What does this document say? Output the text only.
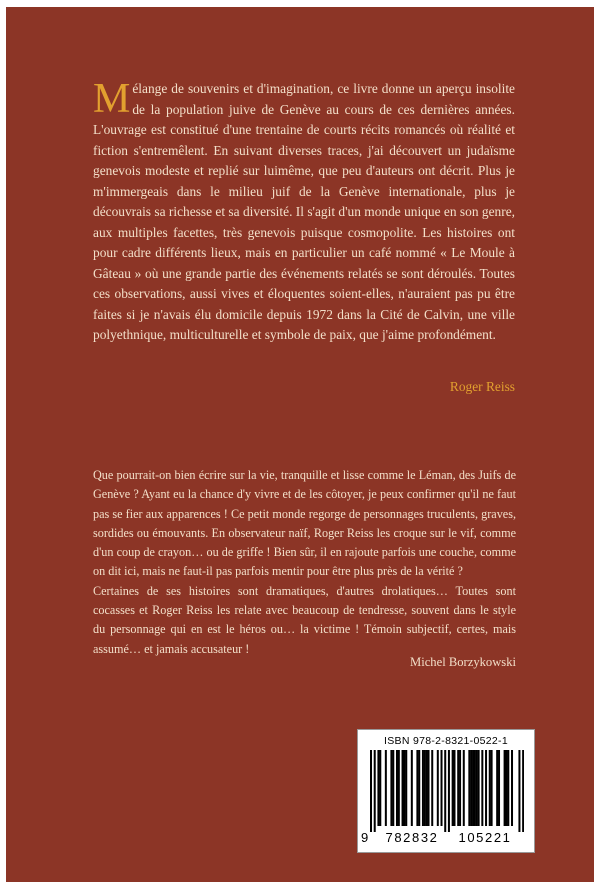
Mélange de souvenirs et d'imagination, ce livre donne un aperçu insolite de la population juive de Genève au cours de ces dernières années. L'ouvrage est constitué d'une trentaine de courts récits romancés où réalité et fiction s'entremêlent. En suivant diverses traces, j'ai découvert un judaïsme genevois modeste et replié sur luimême, que peu d'auteurs ont décrit. Plus je m'immergeais dans le milieu juif de la Genève internationale, plus je découvrais sa richesse et sa diversité. Il s'agit d'un monde unique en son genre, aux multiples facettes, très genevois puisque cosmopolite. Les histoires ont pour cadre différents lieux, mais en particulier un café nommé « Le Moule à Gâteau » où une grande partie des événements relatés se sont déroulés. Toutes ces observations, aussi vives et éloquentes soient-elles, n'auraient pas pu être faites si je n'avais élu domicile depuis 1972 dans la Cité de Calvin, une ville polyethnique, multiculturelle et symbole de paix, que j'aime profondément.

Roger Reiss

Que pourrait-on bien écrire sur la vie, tranquille et lisse comme le Léman, des Juifs de Genève ? Ayant eu la chance d'y vivre et de les côtoyer, je peux confirmer qu'il ne faut pas se fier aux apparences ! Ce petit monde regorge de personnages truculents, graves, sordides ou émouvants. En observateur naïf, Roger Reiss les croque sur le vif, comme d'un coup de crayon… ou de griffe ! Bien sûr, il en rajoute parfois une couche, comme on dit ici, mais ne faut-il pas parfois mentir pour être plus près de la vérité ?
Certaines de ses histoires sont dramatiques, d'autres drolatiques… Toutes sont cocasses et Roger Reiss les relate avec beaucoup de tendresse, souvent dans le style du personnage qui en est le héros ou… la victime ! Témoin subjectif, certes, mais assumé… et jamais accusateur !

Michel Borzykowski
ISBN 978-2-8321-0522-1
9	782832	105221
